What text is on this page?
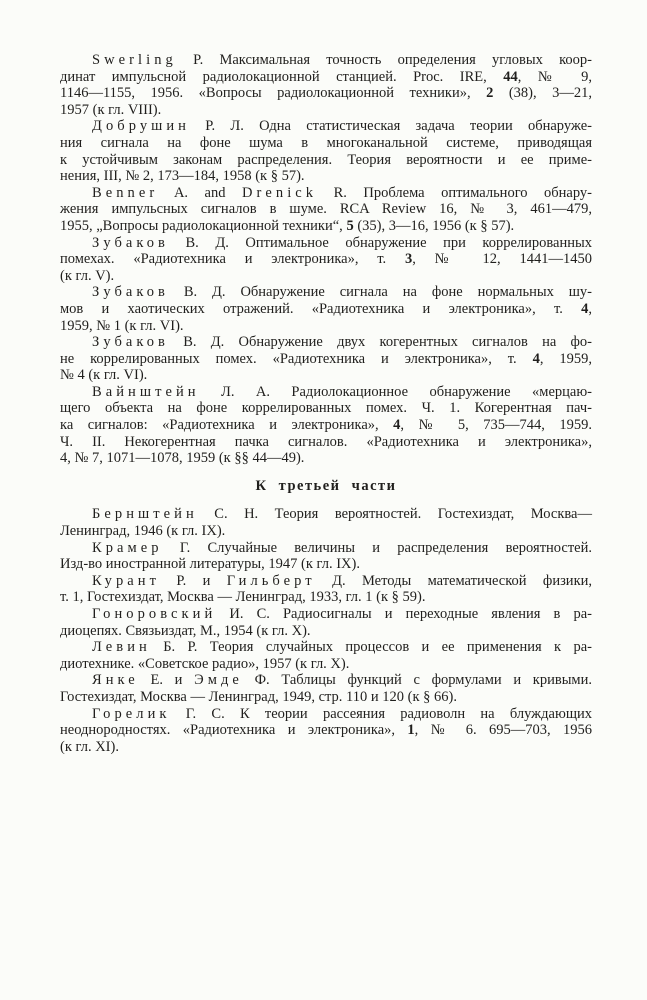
Swerling P. Максимальная точность определения угловых коор-
динат импульсной радиолокационной станцией. Proc. IRE, 44, № 9,
1146—1155, 1956. «Вопросы радиолокационной техники», 2 (38), 3—21,
1957 (к гл. VIII).
Добрушин Р. Л. Одна статистическая задача теории обнаруже-
ния сигнала на фоне шума в многоканальной системе, приводящая
к устойчивым законам распределения. Теория вероятности и ее приме-
нения, III, № 2, 173—184, 1958 (к § 57).
Benner A. and Drenick R. Проблема оптимального обнару-
жения импульсных сигналов в шуме. RCA Review 16, № 3, 461—479,
1955, „Вопросы радиолокационной техники“, 5 (35), 3—16, 1956 (к § 57).
Зубаков В. Д. Оптимальное обнаружение при коррелированных
помехах. «Радиотехника и электроника», т. 3, № 12, 1441—1450
(к гл. V).
Зубаков В. Д. Обнаружение сигнала на фоне нормальных шу-
мов и хаотических отражений. «Радиотехника и электроника», т. 4,
1959, № 1 (к гл. VI).
Зубаков В. Д. Обнаружение двух когерентных сигналов на фо-
не коррелированных помех. «Радиотехника и электроника», т. 4, 1959,
№ 4 (к гл. VI).
Вайнштейн Л. А. Радиолокационное обнаружение «мерцаю-
щего объекта на фоне коррелированных помех. Ч. 1. Когерентная пач-
ка сигналов: «Радиотехника и электроника», 4, № 5, 735—744, 1959.
Ч. II. Некогерентная пачка сигналов. «Радиотехника и электроника»,
4, № 7, 1071—1078, 1959 (к §§ 44—49).
К третьей части
Бернштейн С. Н. Теория вероятностей. Гостехиздат, Москва—
Ленинград, 1946 (к гл. IX).
Крамер Г. Случайные величины и распределения вероятностей.
Изд-во иностранной литературы, 1947 (к гл. IX).
Курант Р. и Гильберт Д. Методы математической физики,
т. 1, Гостехиздат, Москва — Ленинград, 1933, гл. 1 (к § 59).
Гоноровский И. С. Радиосигналы и переходные явления в ра-
диоцепях. Связьиздат, М., 1954 (к гл. X).
Левин Б. Р. Теория случайных процессов и ее применения к ра-
диотехнике. «Советское радио», 1957 (к гл. X).
Янке Е. и Эмде Ф. Таблицы функций с формулами и кривыми.
Гостехиздат, Москва — Ленинград, 1949, стр. 110 и 120 (к § 66).
Горелик Г. С. К теории рассеяния радиоволн на блуждающих
неоднородностях. «Радиотехника и электроника», 1, № 6. 695—703, 1956
(к гл. XI).
